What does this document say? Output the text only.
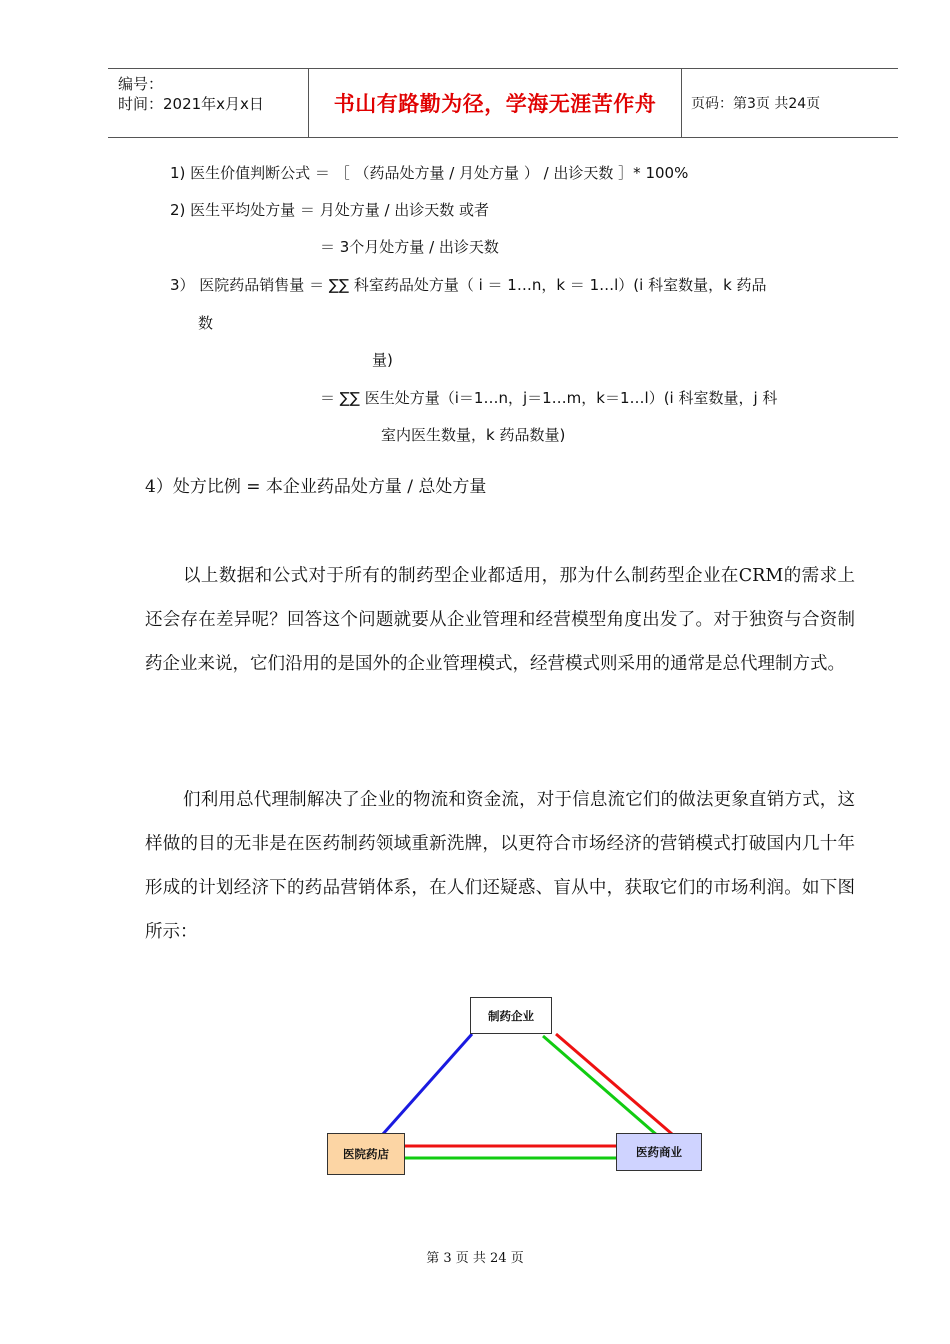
编号：
时间：2021年x月x日	书山有路勤为径，学海无涯苦作舟	页码：第3页 共24页
1) 医生价值判断公式 ＝ ［ （药品处方量 / 月处方量 ） / 出诊天数 ］* 100%
2) 医生平均处方量 ＝ 月处方量 / 出诊天数 或者
＝ 3个月处方量 / 出诊天数
3） 医院药品销售量 ＝ ∑∑ 科室药品处方量（ i ＝ 1…n，k ＝ 1…l）(i 科室数量，k 药品
数
量)
＝ ∑∑ 医生处方量（i＝1…n，j＝1…m，k＝1…l）(i 科室数量，j 科
室内医生数量，k 药品数量)
4）处方比例 = 本企业药品处方量 / 总处方量
以上数据和公式对于所有的制药型企业都适用，那为什么制药型企业在CRM的需求上还会存在差异呢？回答这个问题就要从企业管理和经营模型角度出发了。对于独资与合资制药企业来说，它们沿用的是国外的企业管理模式，经营模式则采用的通常是总代理制方式。
们利用总代理制解决了企业的物流和资金流，对于信息流它们的做法更象直销方式，这样做的目的无非是在医药制药领域重新洗牌，以更符合市场经济的营销模式打破国内几十年形成的计划经济下的药品营销体系，在人们还疑惑、盲从中，获取它们的市场利润。如下图所示：
制药企业
医院药店	医药商业
第 3 页 共 24 页
